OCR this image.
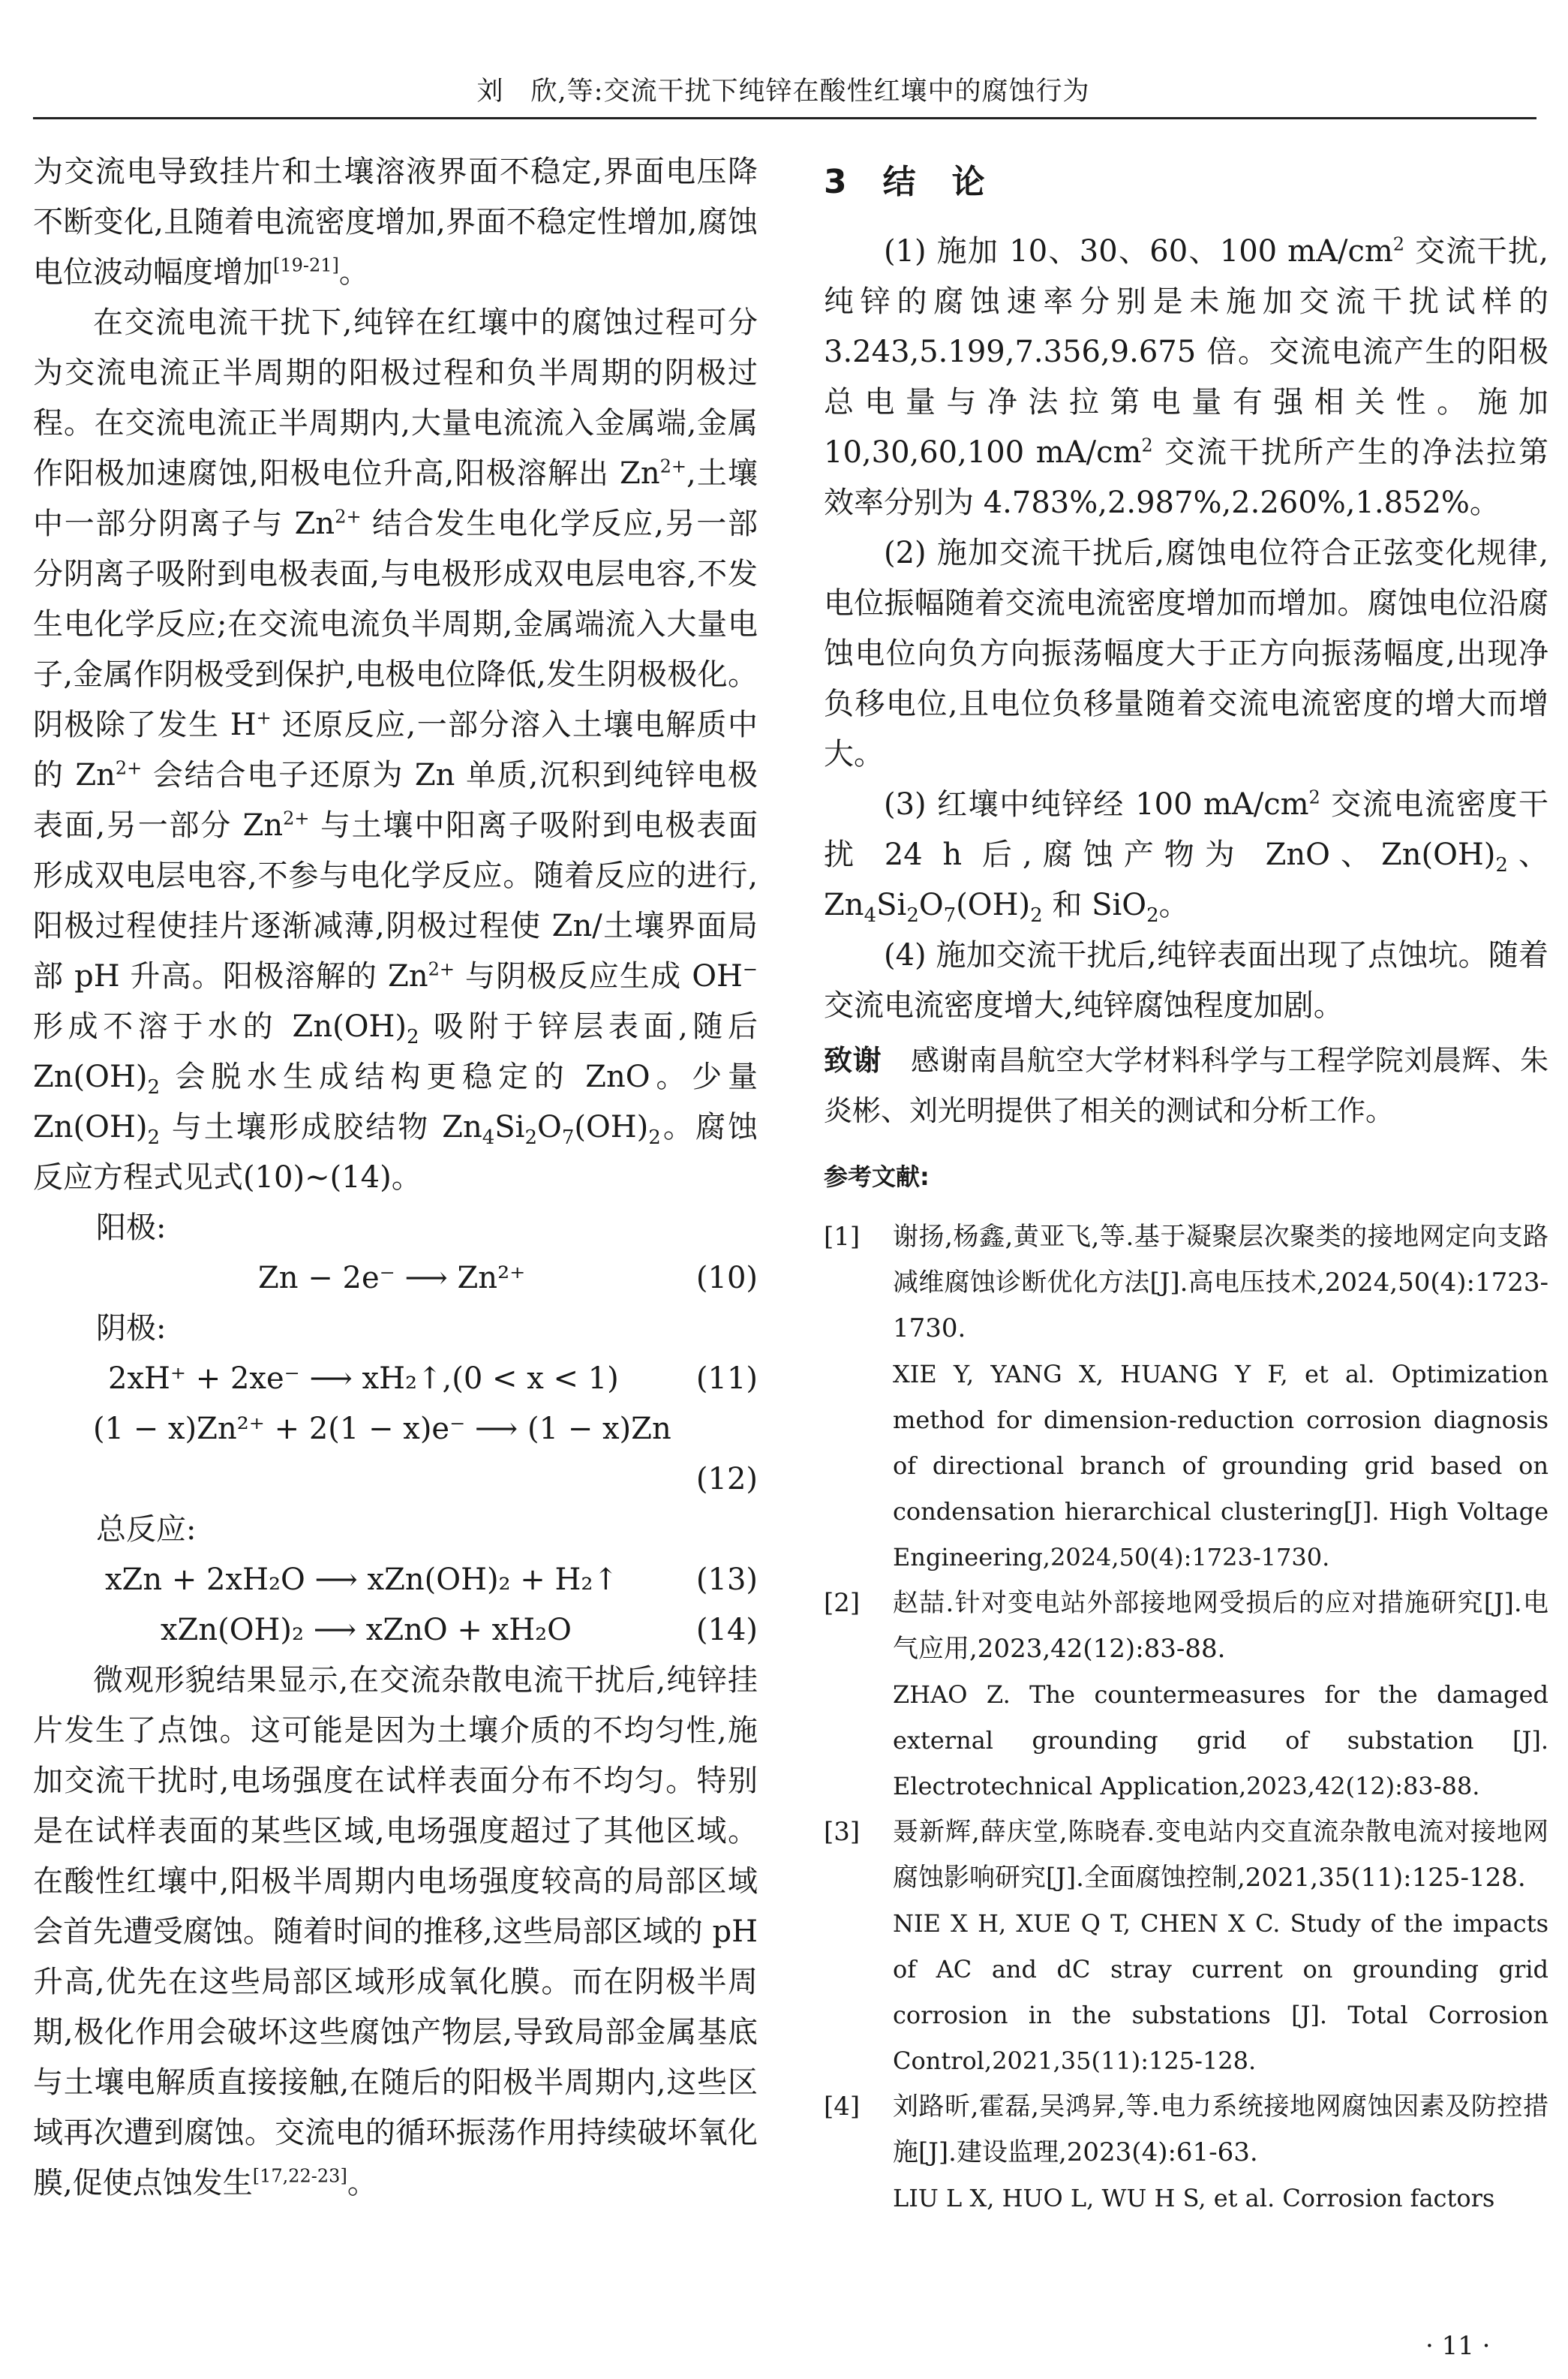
刘　欣,等:交流干扰下纯锌在酸性红壤中的腐蚀行为

为交流电导致挂片和土壤溶液界面不稳定,界面电压降不断变化,且随着电流密度增加,界面不稳定性增加,腐蚀电位波动幅度增加[19-21]。

在交流电流干扰下,纯锌在红壤中的腐蚀过程可分为交流电流正半周期的阳极过程和负半周期的阴极过程。在交流电流正半周期内,大量电流流入金属端,金属作阳极加速腐蚀,阳极电位升高,阳极溶解出 $Zn^{2+}$,土壤中一部分阴离子与 $Zn^{2+}$ 结合发生电化学反应,另一部分阴离子吸附到电极表面,与电极形成双电层电容,不发生电化学反应;在交流电流负半周期,金属端流入大量电子,金属作阴极受到保护,电极电位降低,发生阴极极化。阴极除了发生 H+ 还原反应,一部分溶入土壤电解质中的 $Zn^{2+}$ 会结合电子还原为 Zn 单质,沉积到纯锌电极表面,另一部分 $Zn^{2+}$ 与土壤中阳离子吸附到电极表面形成双电层电容,不参与电化学反应。随着反应的进行,阳极过程使挂片逐渐减薄,阴极过程使 Zn/土壤界面局部 pH 升高。阳极溶解的 $Zn^{2+}$ 与阴极反应生成 OH− 形成不溶于水的 $Zn(OH)_2$ 吸附于锌层表面,随后 $Zn(OH)_2$ 会脱水生成结构更稳定的 ZnO。少量 $Zn(OH)_2$ 与土壤形成胶结物 $Zn_4Si_2O_7(OH)_2$。腐蚀反应方程式见式(10)~(14)。

阳极:
Zn − 2e⁻ ⟶ Zn²⁺	(10)
阴极:
2xH⁺ + 2xe⁻ ⟶ xH₂↑,(0 < x < 1)	(11)
(1 − x)Zn²⁺ + 2(1 − x)e⁻ ⟶ (1 − x)Zn
(12)
总反应:
xZn + 2xH₂O ⟶ xZn(OH)₂ + H₂↑	(13)
xZn(OH)₂ ⟶ xZnO + xH₂O	(14)

微观形貌结果显示,在交流杂散电流干扰后,纯锌挂片发生了点蚀。这可能是因为土壤介质的不均匀性,施加交流干扰时,电场强度在试样表面分布不均匀。特别是在试样表面的某些区域,电场强度超过了其他区域。在酸性红壤中,阳极半周期内电场强度较高的局部区域会首先遭受腐蚀。随着时间的推移,这些局部区域的 pH 升高,优先在这些局部区域形成氧化膜。而在阴极半周期,极化作用会破坏这些腐蚀产物层,导致局部金属基底与土壤电解质直接接触,在随后的阳极半周期内,这些区域再次遭到腐蚀。交流电的循环振荡作用持续破坏氧化膜,促使点蚀发生[17,22-23]。

3　结　论

(1) 施加 10、30、60、100 $mA/cm^2$ 交流干扰,纯锌的腐蚀速率分别是未施加交流干扰试样的3.243,5.199,7.356,9.675 倍。交流电流产生的阳极总电量与净法拉第电量有强相关性。施加 10,30,60,100 $mA/cm^2$ 交流干扰所产生的净法拉第效率分别为 4.783%,2.987%,2.260%,1.852%。

(2) 施加交流干扰后,腐蚀电位符合正弦变化规律,电位振幅随着交流电流密度增加而增加。腐蚀电位沿腐蚀电位向负方向振荡幅度大于正方向振荡幅度,出现净负移电位,且电位负移量随着交流电流密度的增大而增大。

(3) 红壤中纯锌经 100 $mA/cm^2$ 交流电流密度干扰 24 h 后,腐蚀产物为 ZnO、$Zn(OH)_2$、$Zn_4Si_2O_7(OH)_2$ 和 SiO$_2$。

(4) 施加交流干扰后,纯锌表面出现了点蚀坑。随着交流电流密度增大,纯锌腐蚀程度加剧。

致谢　感谢南昌航空大学材料科学与工程学院刘晨辉、朱炎彬、刘光明提供了相关的测试和分析工作。
参考文献:
[1]	谢扬,杨鑫,黄亚飞,等.基于凝聚层次聚类的接地网定向支路减维腐蚀诊断优化方法[J].高电压技术,2024,50(4):1723-1730.
XIE Y, YANG X, HUANG Y F, et al. Optimization method for dimension-reduction corrosion diagnosis of directional branch of grounding grid based on condensation hierarchical clustering[J]. High Voltage Engineering,2024,50(4):1723-1730.
[2]	赵喆.针对变电站外部接地网受损后的应对措施研究[J].电气应用,2023,42(12):83-88.
ZHAO Z. The countermeasures for the damaged external grounding grid of substation [J]. Electrotechnical Application,2023,42(12):83-88.
[3]	聂新辉,薛庆堂,陈晓春.变电站内交直流杂散电流对接地网腐蚀影响研究[J].全面腐蚀控制,2021,35(11):125-128.
NIE X H, XUE Q T, CHEN X C. Study of the impacts of AC and dC stray current on grounding grid corrosion in the substations [J]. Total Corrosion Control,2021,35(11):125-128.
[4]	刘路昕,霍磊,吴鸿昇,等.电力系统接地网腐蚀因素及防控措施[J].建设监理,2023(4):61-63.
LIU L X, HUO L, WU H S, et al. Corrosion factors
· 11 ·
